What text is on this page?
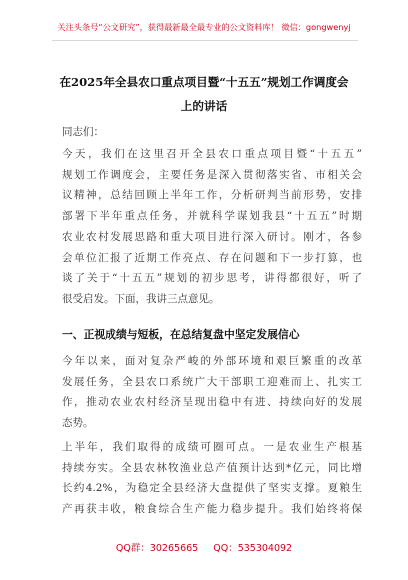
关注头条号“公文研究”，获得最新最全最专业的公文资料库！ 微信：gongwenyj
在2025年全县农口重点项目暨“十五五”规划工作调度会
上的讲话
同志们：
今天，我们在这里召开全县农口重点项目暨“十五五”
规划工作调度会，主要任务是深入贯彻落实省、市相关会
议精神，总结回顾上半年工作，分析研判当前形势，安排
部署下半年重点任务，并就科学谋划我县“十五五”时期
农业农村发展思路和重大项目进行深入研讨。刚才，各参
会单位汇报了近期工作亮点、存在问题和下一步打算，也
谈了关于“十五五”规划的初步思考，讲得都很好，听了
很受启发。下面，我讲三点意见。
一、正视成绩与短板，在总结复盘中坚定发展信心
今年以来，面对复杂严峻的外部环境和艰巨繁重的改革
发展任务，全县农口系统广大干部职工迎难而上、扎实工
作，推动农业农村经济呈现出稳中有进、持续向好的发展
态势。
上半年，我们取得的成绩可圈可点。一是农业生产根基
持续夯实。全县农林牧渔业总产值预计达到*亿元，同比增
长约4.2%，为稳定全县经济大盘提供了坚实支撑。夏粮生
产再获丰收，粮食综合生产能力稳步提升。我们始终将保
QQ群：30265665 QQ：535304092
